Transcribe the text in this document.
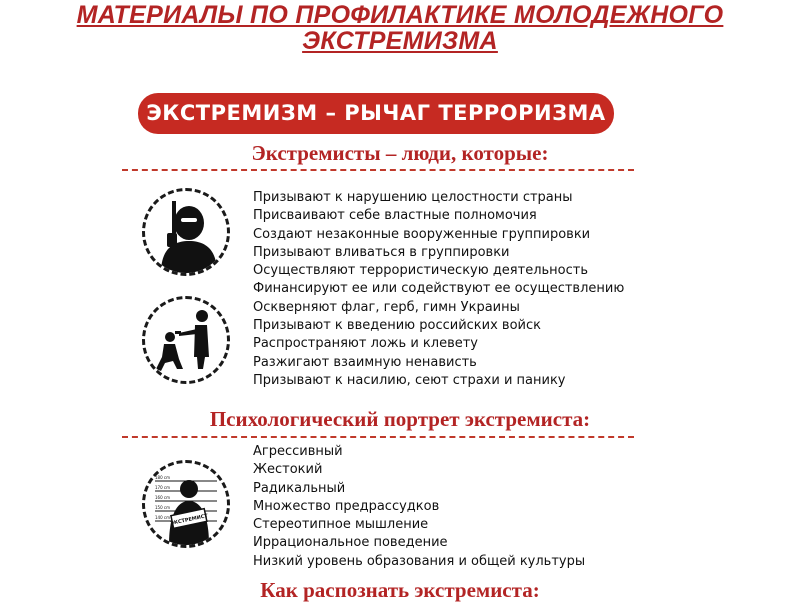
МАТЕРИАЛЫ ПО ПРОФИЛАКТИКЕ МОЛОДЕЖНОГО
ЭКСТРЕМИЗМА
ЭКСТРЕМИЗМ – РЫЧАГ ТЕРРОРИЗМА
Экстремисты – люди, которые:
Призывают к нарушению целостности страны
Присваивают себе властные полномочия
Создают незаконные вооруженные группировки
Призывают вливаться в группировки
Осуществляют террористическую деятельность
Финансируют ее или содействуют ее осуществлению
Оскверняют флаг, герб, гимн Украины
Призывают к введению российских войск
Распространяют ложь и клевету
Разжигают взаимную ненависть
Призывают к насилию, сеют страхи и панику
Психологический портрет экстремиста:
180 cm
170 cm
160 cm
150 cm
140 cm ЭКСТРЕМИСТ
Агрессивный
Жестокий
Радикальный
Множество предрассудков
Стереотипное мышление
Иррациональное поведение
Низкий уровень образования и общей культуры
Как распознать экстремиста:
